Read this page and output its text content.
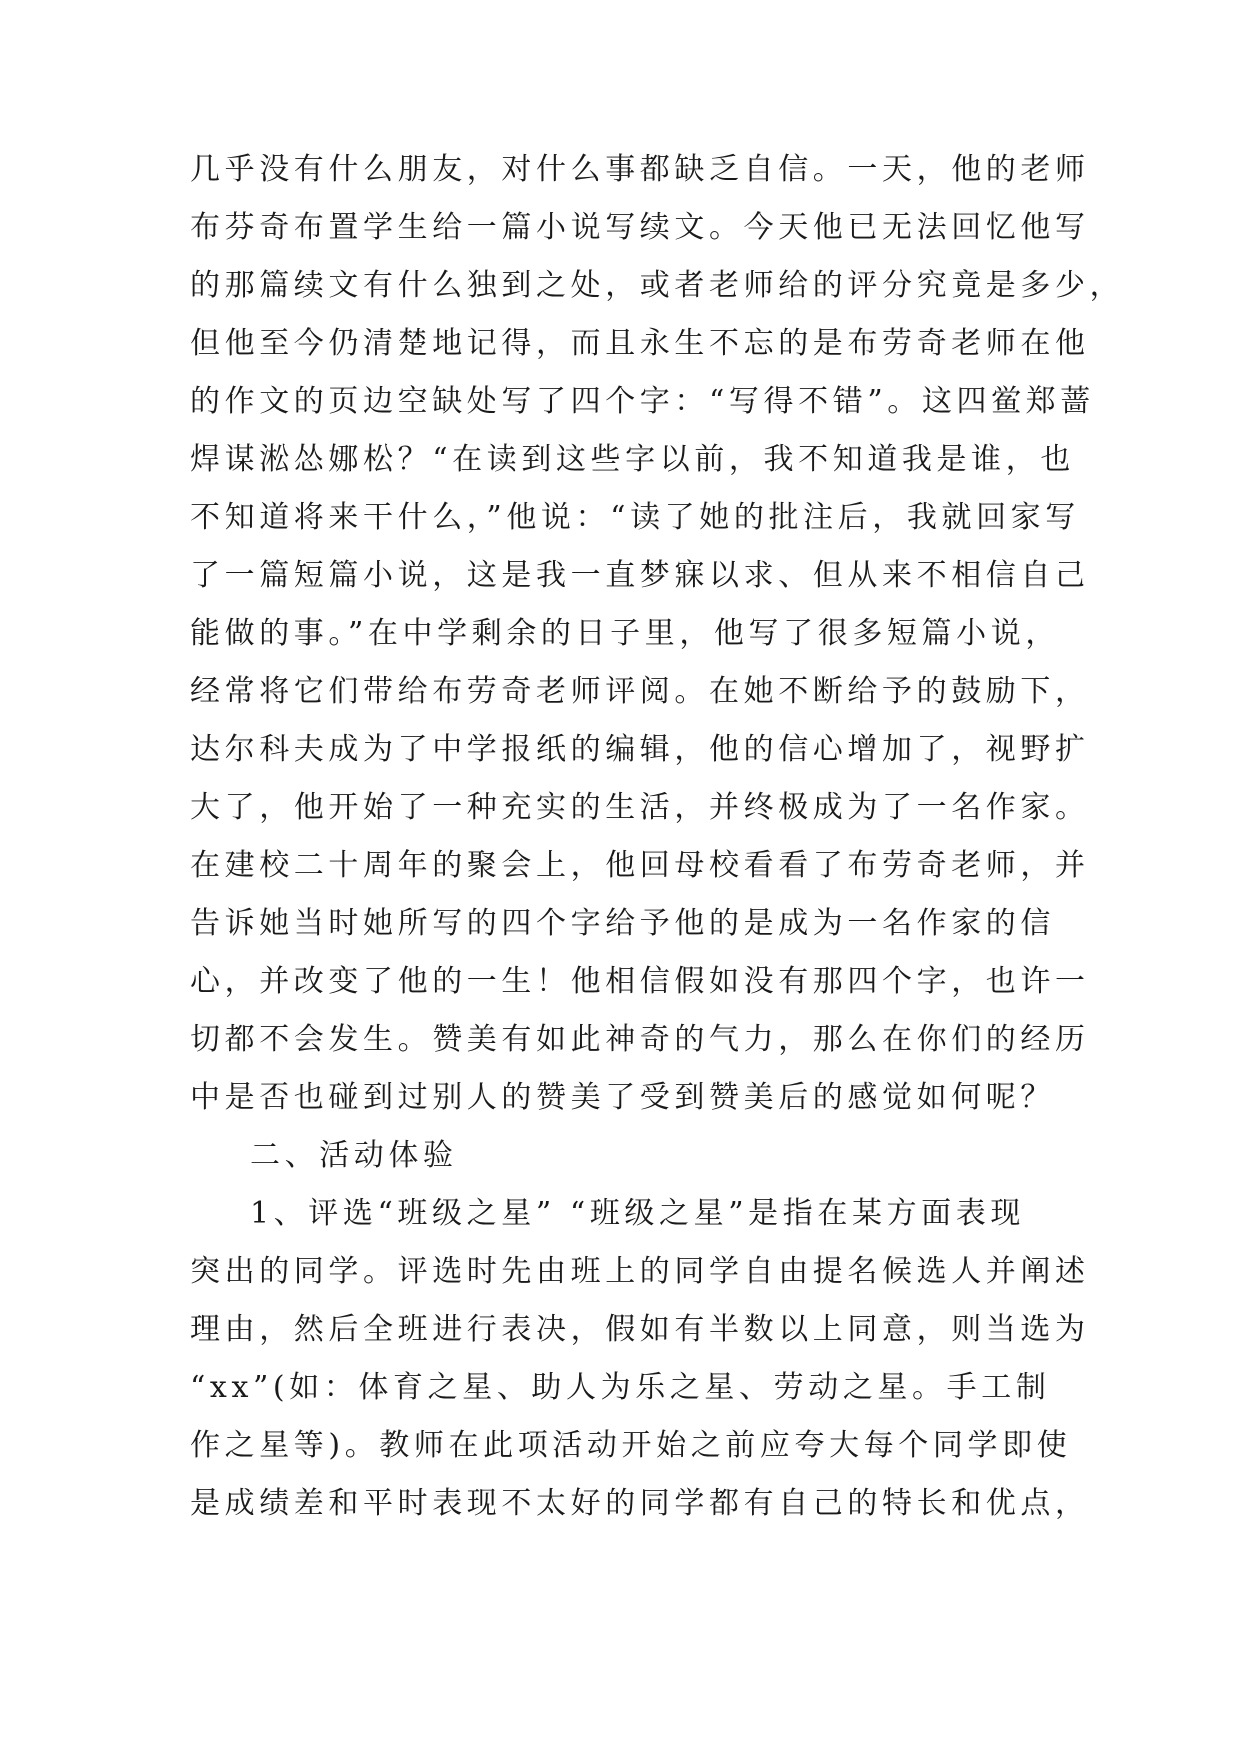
几乎没有什么朋友，对什么事都缺乏自信。一天，他的老师
布芬奇布置学生给一篇小说写续文。今天他已无法回忆他写
的那篇续文有什么独到之处，或者老师给的评分究竟是多少，
但他至今仍清楚地记得，而且永生不忘的是布劳奇老师在他
的作文的页边空缺处写了四个字：“写得不错”。这四鲎郑蔷
焊谋淞怂娜松？“在读到这些字以前，我不知道我是谁，也
不知道将来干什么，”他说：“读了她的批注后，我就回家写
了一篇短篇小说，这是我一直梦寐以求、但从来不相信自己
能做的事。”在中学剩余的日子里，他写了很多短篇小说，
经常将它们带给布劳奇老师评阅。在她不断给予的鼓励下，
达尔科夫成为了中学报纸的编辑，他的信心增加了，视野扩
大了，他开始了一种充实的生活，并终极成为了一名作家。
在建校二十周年的聚会上，他回母校看看了布劳奇老师，并
告诉她当时她所写的四个字给予他的是成为一名作家的信
心，并改变了他的一生！他相信假如没有那四个字，也许一
切都不会发生。赞美有如此神奇的气力，那么在你们的经历
中是否也碰到过别人的赞美了受到赞美后的感觉如何呢？
二、活动体验
1、评选“班级之星” “班级之星”是指在某方面表现
突出的同学。评选时先由班上的同学自由提名候选人并阐述
理由，然后全班进行表决，假如有半数以上同意，则当选为
“xx”(如：体育之星、助人为乐之星、劳动之星。手工制
作之星等)。教师在此项活动开始之前应夸大每个同学即使
是成绩差和平时表现不太好的同学都有自己的特长和优点，
